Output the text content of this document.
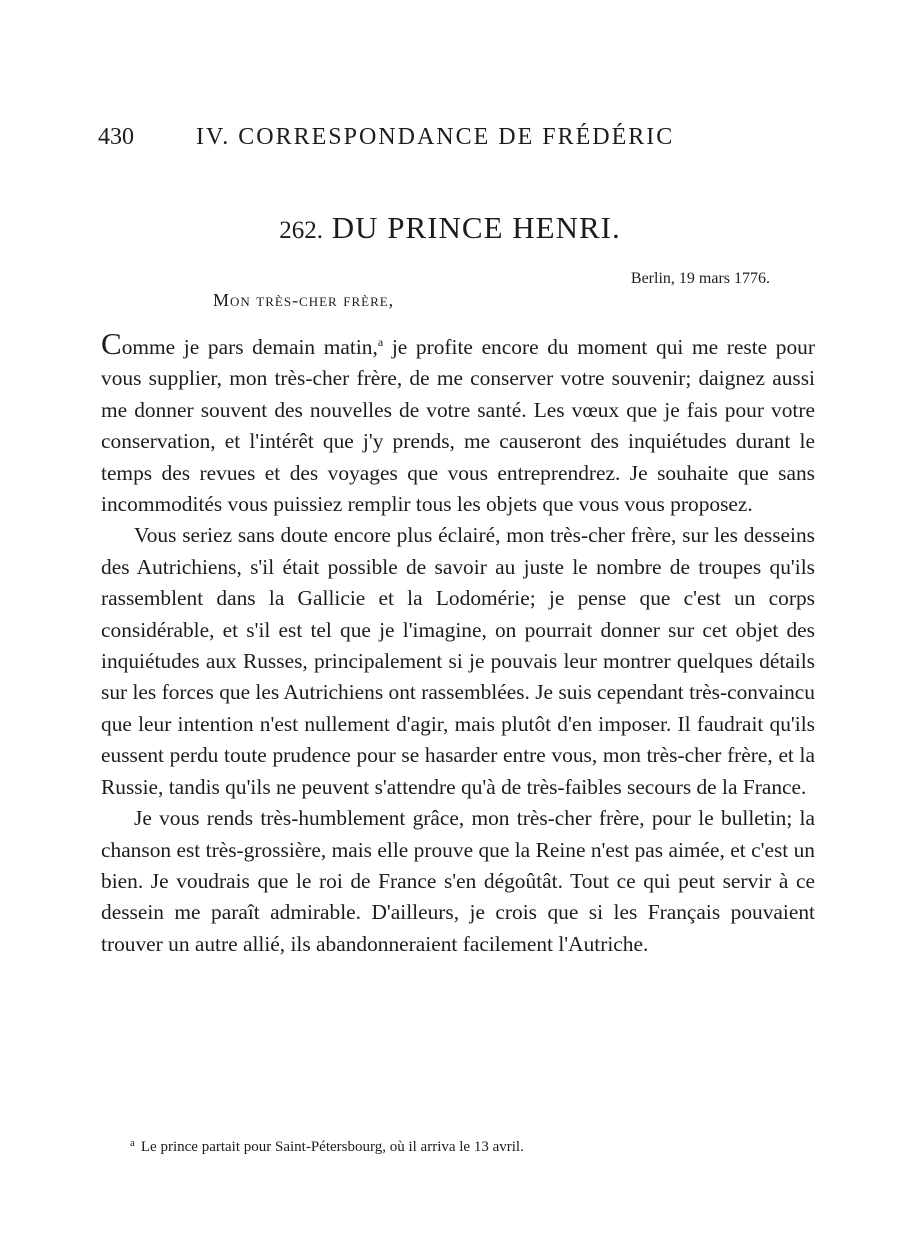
430	IV. CORRESPONDANCE DE FRÉDÉRIC
262. DU PRINCE HENRI.
Berlin, 19 mars 1776.
Mon très-cher frère,

Comme je pars demain matin,$^a$ je profite encore du moment qui me reste pour vous supplier, mon très-cher frère, de me conserver votre souvenir; daignez aussi me donner souvent des nouvelles de votre santé. Les vœux que je fais pour votre conservation, et l'intérêt que j'y prends, me causeront des inquiétudes durant le temps des revues et des voyages que vous entreprendrez. Je souhaite que sans incommodités vous puissiez remplir tous les objets que vous vous proposez.

Vous seriez sans doute encore plus éclairé, mon très-cher frère, sur les desseins des Autrichiens, s'il était possible de savoir au juste le nombre de troupes qu'ils rassemblent dans la Gallicie et la Lodomérie; je pense que c'est un corps considérable, et s'il est tel que je l'imagine, on pourrait donner sur cet objet des inquiétudes aux Russes, principalement si je pouvais leur montrer quelques détails sur les forces que les Autrichiens ont rassemblées. Je suis cependant très-convaincu que leur intention n'est nullement d'agir, mais plutôt d'en imposer. Il faudrait qu'ils eussent perdu toute prudence pour se hasarder entre vous, mon très-cher frère, et la Russie, tandis qu'ils ne peuvent s'attendre qu'à de très-faibles secours de la France.

Je vous rends très-humblement grâce, mon très-cher frère, pour le bulletin; la chanson est très-grossière, mais elle prouve que la Reine n'est pas aimée, et c'est un bien. Je voudrais que le roi de France s'en dégoûtât. Tout ce qui peut servir à ce dessein me paraît admirable. D'ailleurs, je crois que si les Français pouvaient trouver un autre allié, ils abandonneraient facilement l'Autriche.

$^a$ Le prince partait pour Saint-Pétersbourg, où il arriva le 13 avril.
